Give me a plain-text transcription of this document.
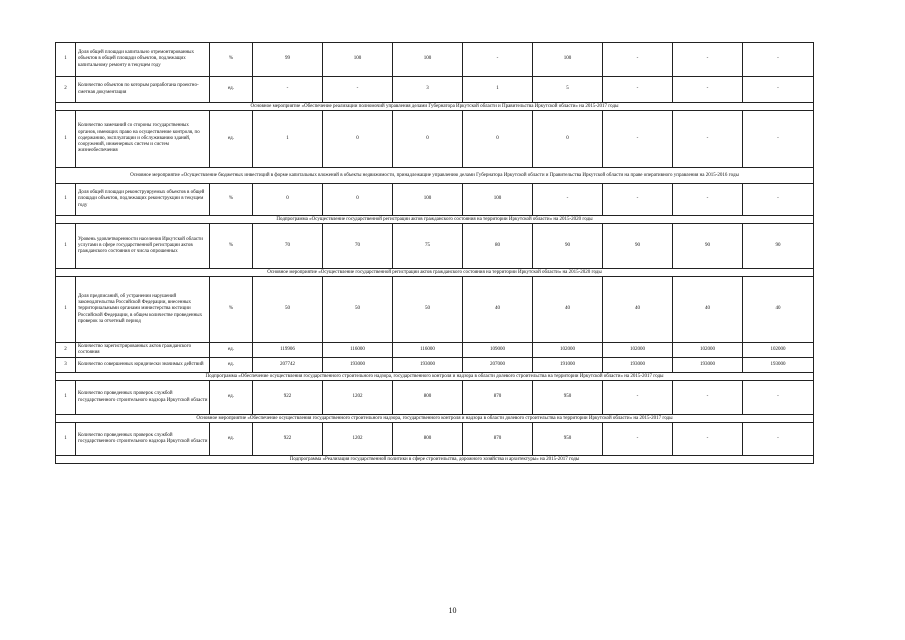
1	Доля общей площади капитально отремонтированных объектов в общей площади объектов, подлежащих капитальному ремонту в текущем году	%	99	100	100	-	100	-	-	-
2	Количество объектов по которым разработана проектно-сметная документация	ед.	-	-	3	1	5	-	-	-
Основное мероприятие «Обеспечение реализации полномочий управления делами Губернатора Иркутской области и Правительства Иркутской области» на 2015-2017 годы										
1	Количество замечаний со стороны государственных органов, имеющих право на осуществление контроля, по содержанию, эксплуатации и обслуживанию зданий, сооружений, инженерных систем и систем жизнеобеспечения	ед.	1	0	0	0	0	-	-	-
Основное мероприятие «Осуществление бюджетных инвестиций в форме капитальных вложений в объекты недвижимости, принадлежащие управлению делами Губернатора Иркутской области и Правительства Иркутской области на праве оперативного управления на 2015-2016 годы										
1	Доля общей площади реконструируемых объектов в общей площади объектов, подлежащих реконструкции в текущем году	%	0	0	100	100	-	-	-	-
Подпрограмма «Осуществление государственной регистрации актов гражданского состояния на территории Иркутской области» на 2015-2020 годы										
1	Уровень удовлетворенности населения Иркутской области услугами в сфере государственной регистрации актов гражданского состояния от числа опрошенных	%	70	70	75	80	90	90	90	90
Основное мероприятие «Осуществление государственной регистрации актов гражданского состояния на территории Иркутской области» на 2015-2020 годы										
1	Доля предписаний, об устранении нарушений законодательства Российской Федерации, внесенных территориальными органами министерства юстиции Российской Федерации, в общем количестве проведенных проверок за отчетный период	%	50	50	50	40	40	40	40	40
2	Количество зарегистрированных актов гражданского состояния	ед.	119906	116000	116000	109000	102000	102000	102000	102000
3	Количество совершенных юридически значимых действий	ед.	207742	193000	193000	207000	191000	193000	193000	193000
Подпрограмма «Обеспечение осуществления государственного строительного надзора, государственного контроля и надзора в области долевого строительства на территории Иркутской области» на 2015-2017 годы										
1	Количество проведенных проверок службой государственного строительного надзора Иркутской области	ед.	922	1202	800	870	950	-	-	-
Основное мероприятие «Обеспечение осуществления государственного строительного надзора, государственного контроля и надзора в области долевого строительства на территории Иркутской области» на 2015-2017 годы										
1	Количество проведенных проверок службой государственного строительного надзора Иркутской области	ед.	922	1202	800	870	950	-	-	-
Подпрограмма «Реализация государственной политики в сфере строительства, дорожного хозяйства и архитектуры» на 2015-2017 годы										
10
